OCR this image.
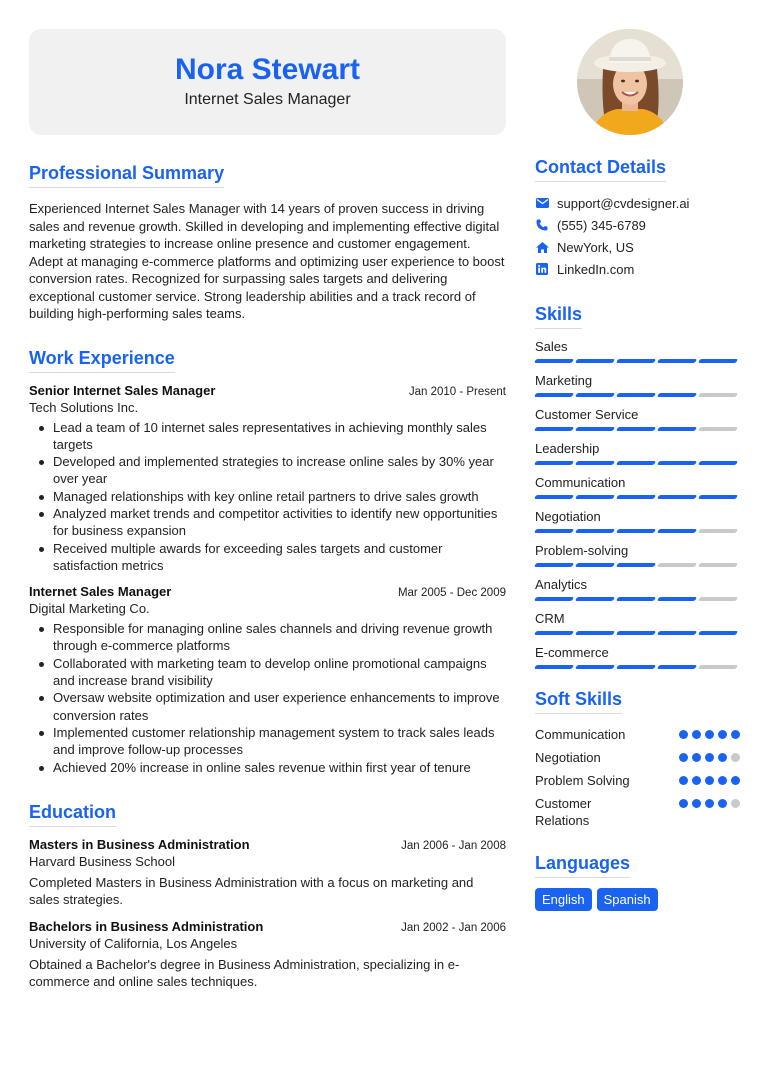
Nora Stewart
Internet Sales Manager
Professional Summary
Experienced Internet Sales Manager with 14 years of proven success in driving sales and revenue growth. Skilled in developing and implementing effective digital marketing strategies to increase online presence and customer engagement. Adept at managing e-commerce platforms and optimizing user experience to boost conversion rates. Recognized for surpassing sales targets and delivering exceptional customer service. Strong leadership abilities and a track record of building high-performing sales teams.
Work Experience
Senior Internet Sales Manager	Jan 2010 - Present
Tech Solutions Inc.
Lead a team of 10 internet sales representatives in achieving monthly sales targets
Developed and implemented strategies to increase online sales by 30% year over year
Managed relationships with key online retail partners to drive sales growth
Analyzed market trends and competitor activities to identify new opportunities for business expansion
Received multiple awards for exceeding sales targets and customer satisfaction metrics
Internet Sales Manager	Mar 2005 - Dec 2009
Digital Marketing Co.
Responsible for managing online sales channels and driving revenue growth through e-commerce platforms
Collaborated with marketing team to develop online promotional campaigns and increase brand visibility
Oversaw website optimization and user experience enhancements to improve conversion rates
Implemented customer relationship management system to track sales leads and improve follow-up processes
Achieved 20% increase in online sales revenue within first year of tenure
Education
Masters in Business Administration	Jan 2006 - Jan 2008
Harvard Business School
Completed Masters in Business Administration with a focus on marketing and sales strategies.
Bachelors in Business Administration	Jan 2002 - Jan 2006
University of California, Los Angeles
Obtained a Bachelor's degree in Business Administration, specializing in e-commerce and online sales techniques.
Contact Details
support@cvdesigner.ai
(555) 345-6789
NewYork, US
LinkedIn.com
Skills
Sales
Marketing
Customer Service
Leadership
Communication
Negotiation
Problem-solving
Analytics
CRM
E-commerce
Soft Skills
Communication
Negotiation
Problem Solving
Customer Relations
Languages
English	Spanish
